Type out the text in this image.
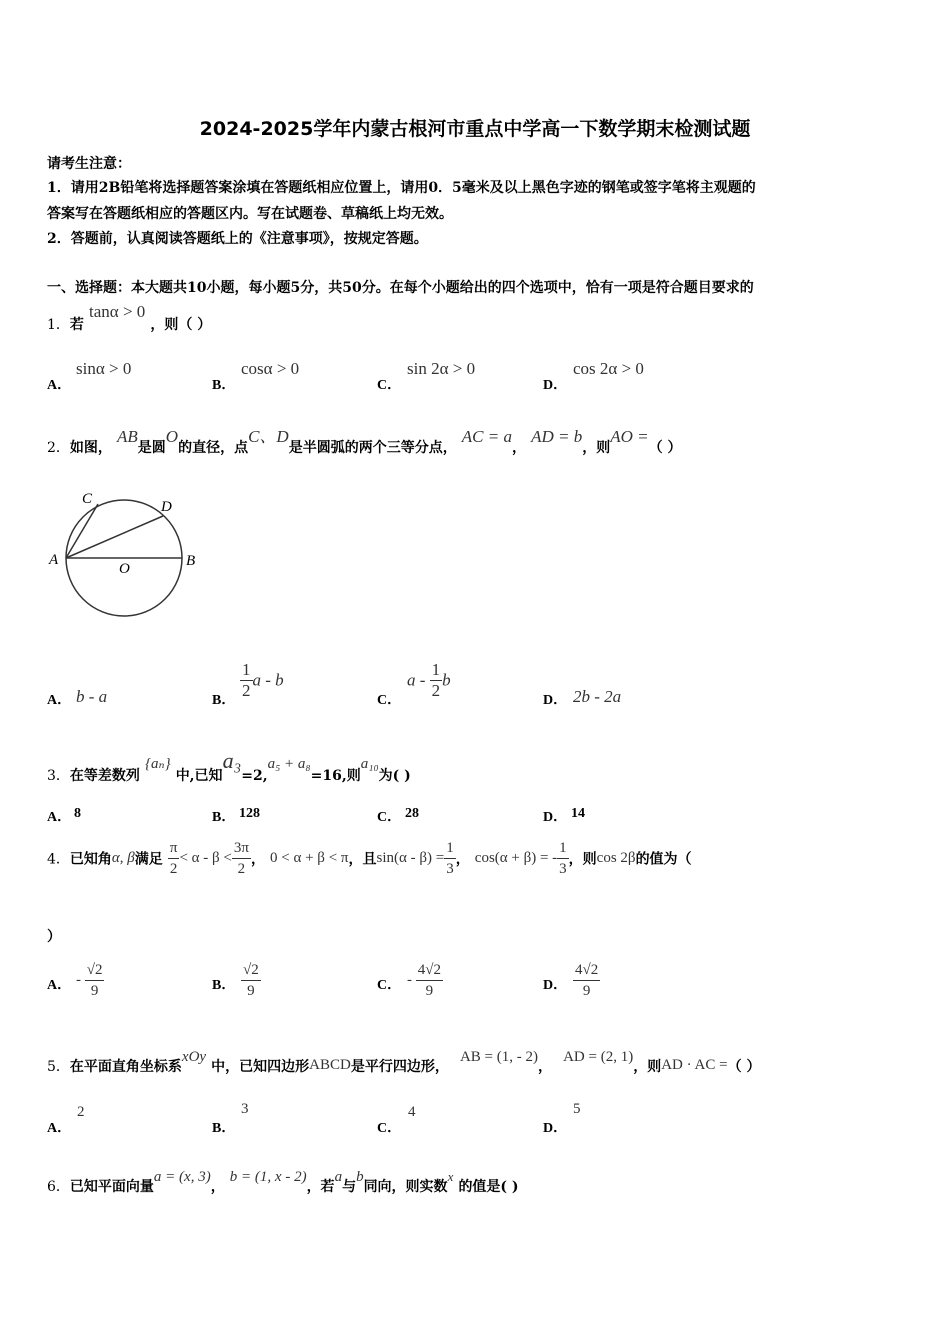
2024-2025学年内蒙古根河市重点中学高一下数学期末检测试题
请考生注意：
1．请用2B铅笔将选择题答案涂填在答题纸相应位置上，请用0．5毫米及以上黑色字迹的钢笔或签字笔将主观题的
答案写在答题纸相应的答题区内。写在试题卷、草稿纸上均无效。
2．答题前，认真阅读答题纸上的《注意事项》，按规定答题。
一、选择题：本大题共10小题，每小题5分，共50分。在每个小题给出的四个选项中，恰有一项是符合题目要求的
1．若 tanα > 0 ，则（ ）
A．
sinα > 0
B．
cosα > 0
C．
sin 2α > 0
D．
cos 2α > 0
2．如图， AB是圆O的直径，点C、D是半圆弧的两个三等分点， AC = a， AD = b，则AO =（ ）
A	B
C	D
O
A． b - a	B． $\frac{1}{2}$ a - b
C．
a - $\frac{1}{2}$ b
D． 2b - 2a
3．在等差数列 {aₙ} 中,已知a₃=2,a₅ + a₈=16,则a₁₀为( )
A． 8	B． 128	C． 28	D． 14
4．已知角α, β满足 $\frac{\pi}{2} < \alpha - \beta < \frac{3\pi}{2}$ ， 0 < α + β < π，且$\sin(\alpha - \beta) = \frac{1}{3}$ ， cos(α + β) = - $\frac{1}{3}$ ，则cos 2β的值为（
）
A． - $\frac{√2}{9}$	B． $\frac{√2}{9}$	C． - $\frac{4√2}{9}$	D． $\frac{4√2}{9}$
5．在平面直角坐标系xOy 中，已知四边形ABCD是平行四边形， AB = (1, - 2)， AD = (2, 1)，则AD · AC =（ ）
A．
2
B．
3
C．
4
D．
5
6．已知平面向量a = (x, 3)， b = (1, x - 2)，若a与b同向，则实数x 的值是( )
